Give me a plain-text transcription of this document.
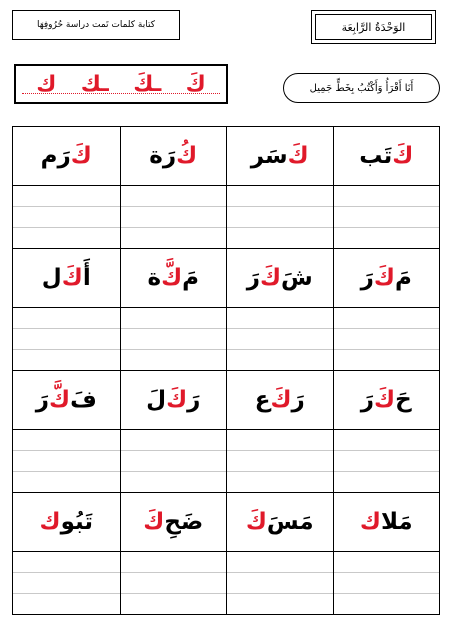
الوَحْدَةُ الرَّابِعَة
كتابة كلمات تَمت دراسة حُرُوفِهَا
ك ـك ـكَ كَ	أَنَا أَقْرَأُ وَأَكْتُبُ بِخَطٍّ جَمِيل
كَ
تَب
كَ
سَر
كُ
رَة
كَ
رَم
مَ
كَ
رَ
شَ
كَ
رَ
مَ
كَّ
ة
أَ
كَ
ل
حَ
كَ
رَ
رَ
كَ
ع
رَ
كَ
لَ
فَ
كَّ
رَ
مَلا
ك
مَسَ
كَ
ضَحِ
كَ
تَبُو
ك
